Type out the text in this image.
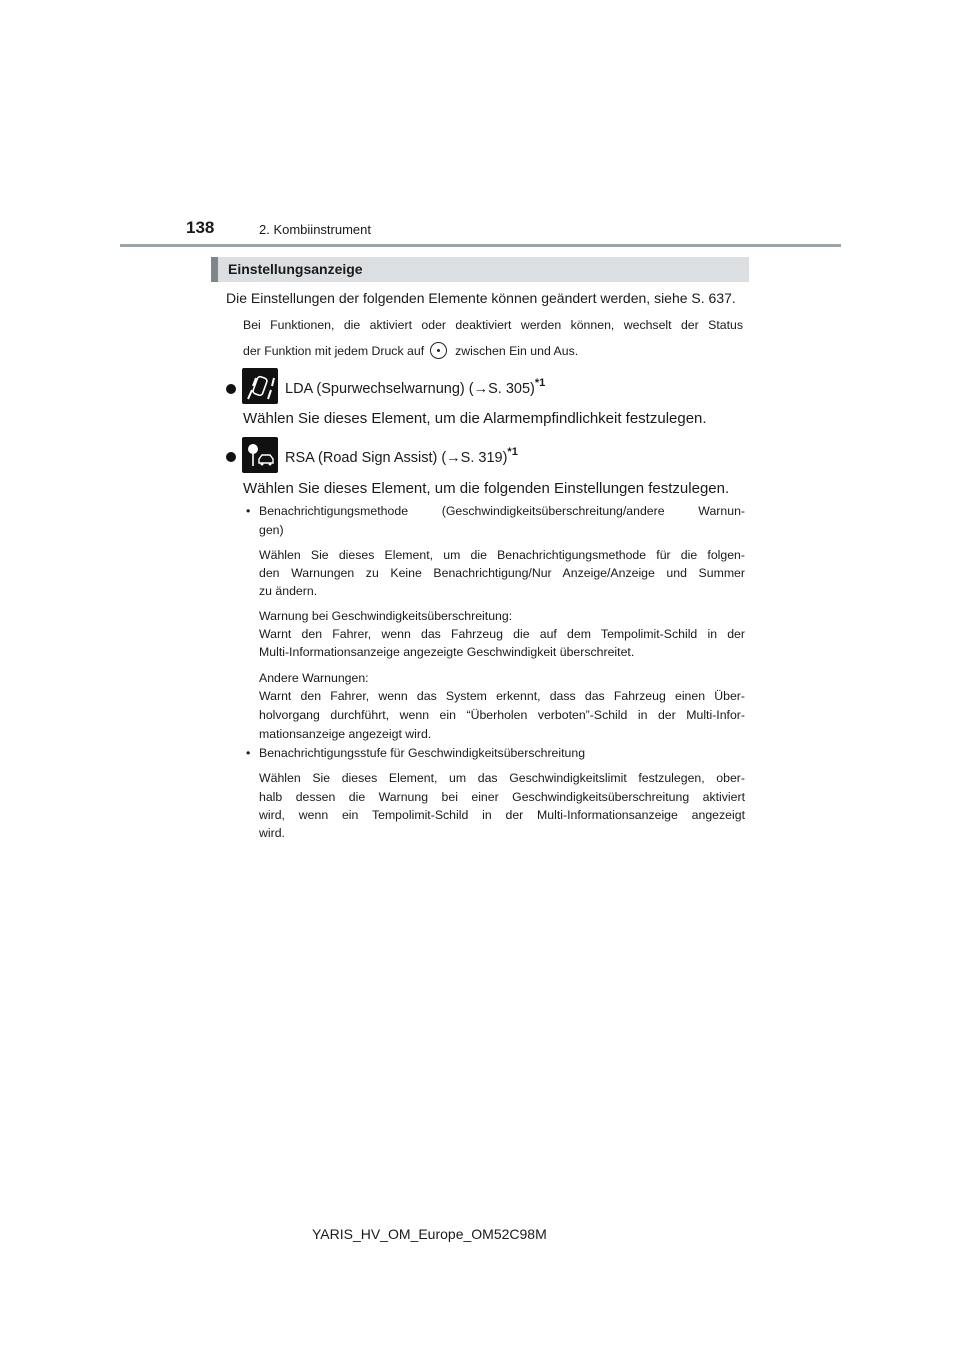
138	2. Kombiinstrument
Einstellungsanzeige
Die Einstellungen der folgenden Elemente können geändert werden, siehe S. 637.
Bei Funktionen, die aktiviert oder deaktiviert werden können, wechselt der Status
der Funktion mit jedem Druck auf	zwischen Ein und Aus.
LDA (Spurwechselwarnung) (→S. 305)$^{*1}$
Wählen Sie dieses Element, um die Alarmempfindlichkeit festzulegen.
RSA (Road Sign Assist) (→S. 319)$^{*1}$
Wählen Sie dieses Element, um die folgenden Einstellungen festzulegen.
• Benachrichtigungsmethode (Geschwindigkeitsüberschreitung/andere Warnun-
gen)
Wählen Sie dieses Element, um die Benachrichtigungsmethode für die folgen-
den Warnungen zu Keine Benachrichtigung/Nur Anzeige/Anzeige und Summer
zu ändern.
Warnung bei Geschwindigkeitsüberschreitung:
Warnt den Fahrer, wenn das Fahrzeug die auf dem Tempolimit-Schild in der
Multi-Informationsanzeige angezeigte Geschwindigkeit überschreitet.
Andere Warnungen:
Warnt den Fahrer, wenn das System erkennt, dass das Fahrzeug einen Über-
holvorgang durchführt, wenn ein “Überholen verboten”-Schild in der Multi-Infor-
mationsanzeige angezeigt wird.
• Benachrichtigungsstufe für Geschwindigkeitsüberschreitung
Wählen Sie dieses Element, um das Geschwindigkeitslimit festzulegen, ober-
halb dessen die Warnung bei einer Geschwindigkeitsüberschreitung aktiviert
wird, wenn ein Tempolimit-Schild in der Multi-Informationsanzeige angezeigt
wird.
YARIS_HV_OM_Europe_OM52C98M
